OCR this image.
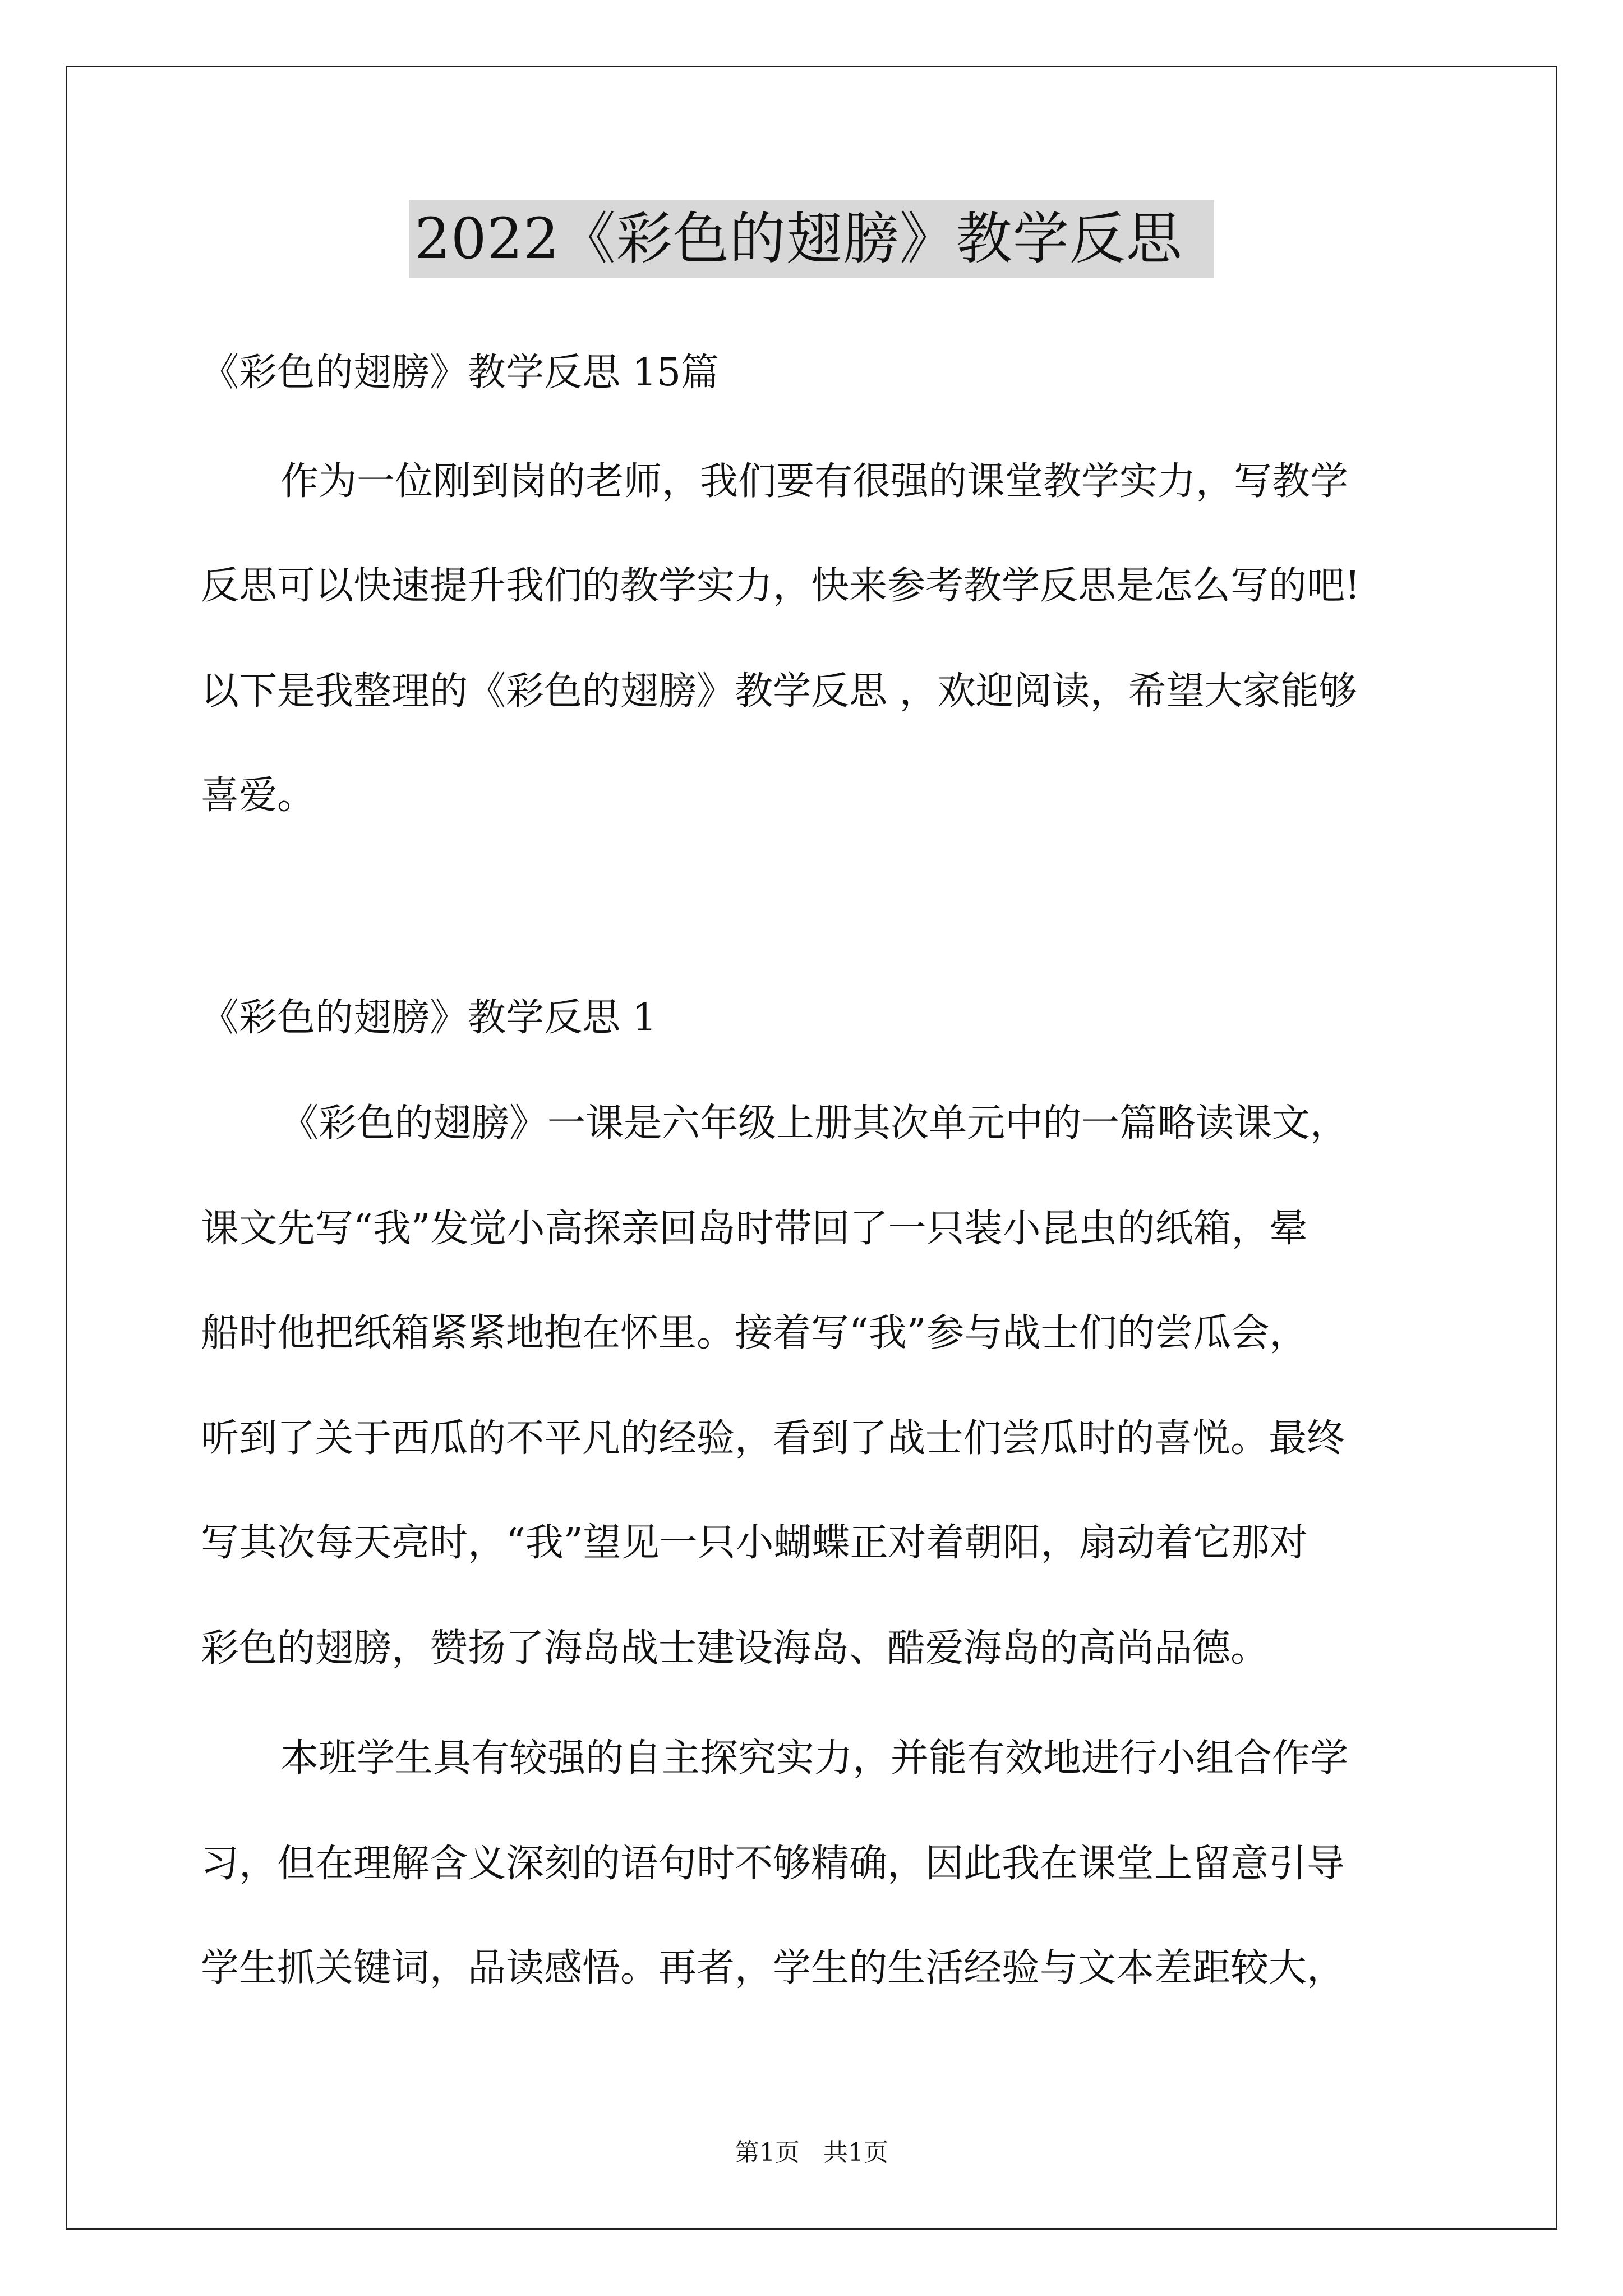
2022《彩色的翅膀》教学反思
《彩色的翅膀》教学反思 15篇
作为一位刚到岗的老师，我们要有很强的课堂教学实力，写教学
反思可以快速提升我们的教学实力，快来参考教学反思是怎么写的吧!
以下是我整理的《彩色的翅膀》教学反思 ，欢迎阅读，希望大家能够
喜爱。
《彩色的翅膀》教学反思 1
《彩色的翅膀》一课是六年级上册其次单元中的一篇略读课文，
课文先写“我”发觉小高探亲回岛时带回了一只装小昆虫的纸箱，晕
船时他把纸箱紧紧地抱在怀里。接着写“我”参与战士们的尝瓜会，
听到了关于西瓜的不平凡的经验，看到了战士们尝瓜时的喜悦。最终
写其次每天亮时，“我”望见一只小蝴蝶正对着朝阳，扇动着它那对
彩色的翅膀，赞扬了海岛战士建设海岛、酷爱海岛的高尚品德。
本班学生具有较强的自主探究实力，并能有效地进行小组合作学
习，但在理解含义深刻的语句时不够精确，因此我在课堂上留意引导
学生抓关键词，品读感悟。再者，学生的生活经验与文本差距较大，
第1页   共1页
